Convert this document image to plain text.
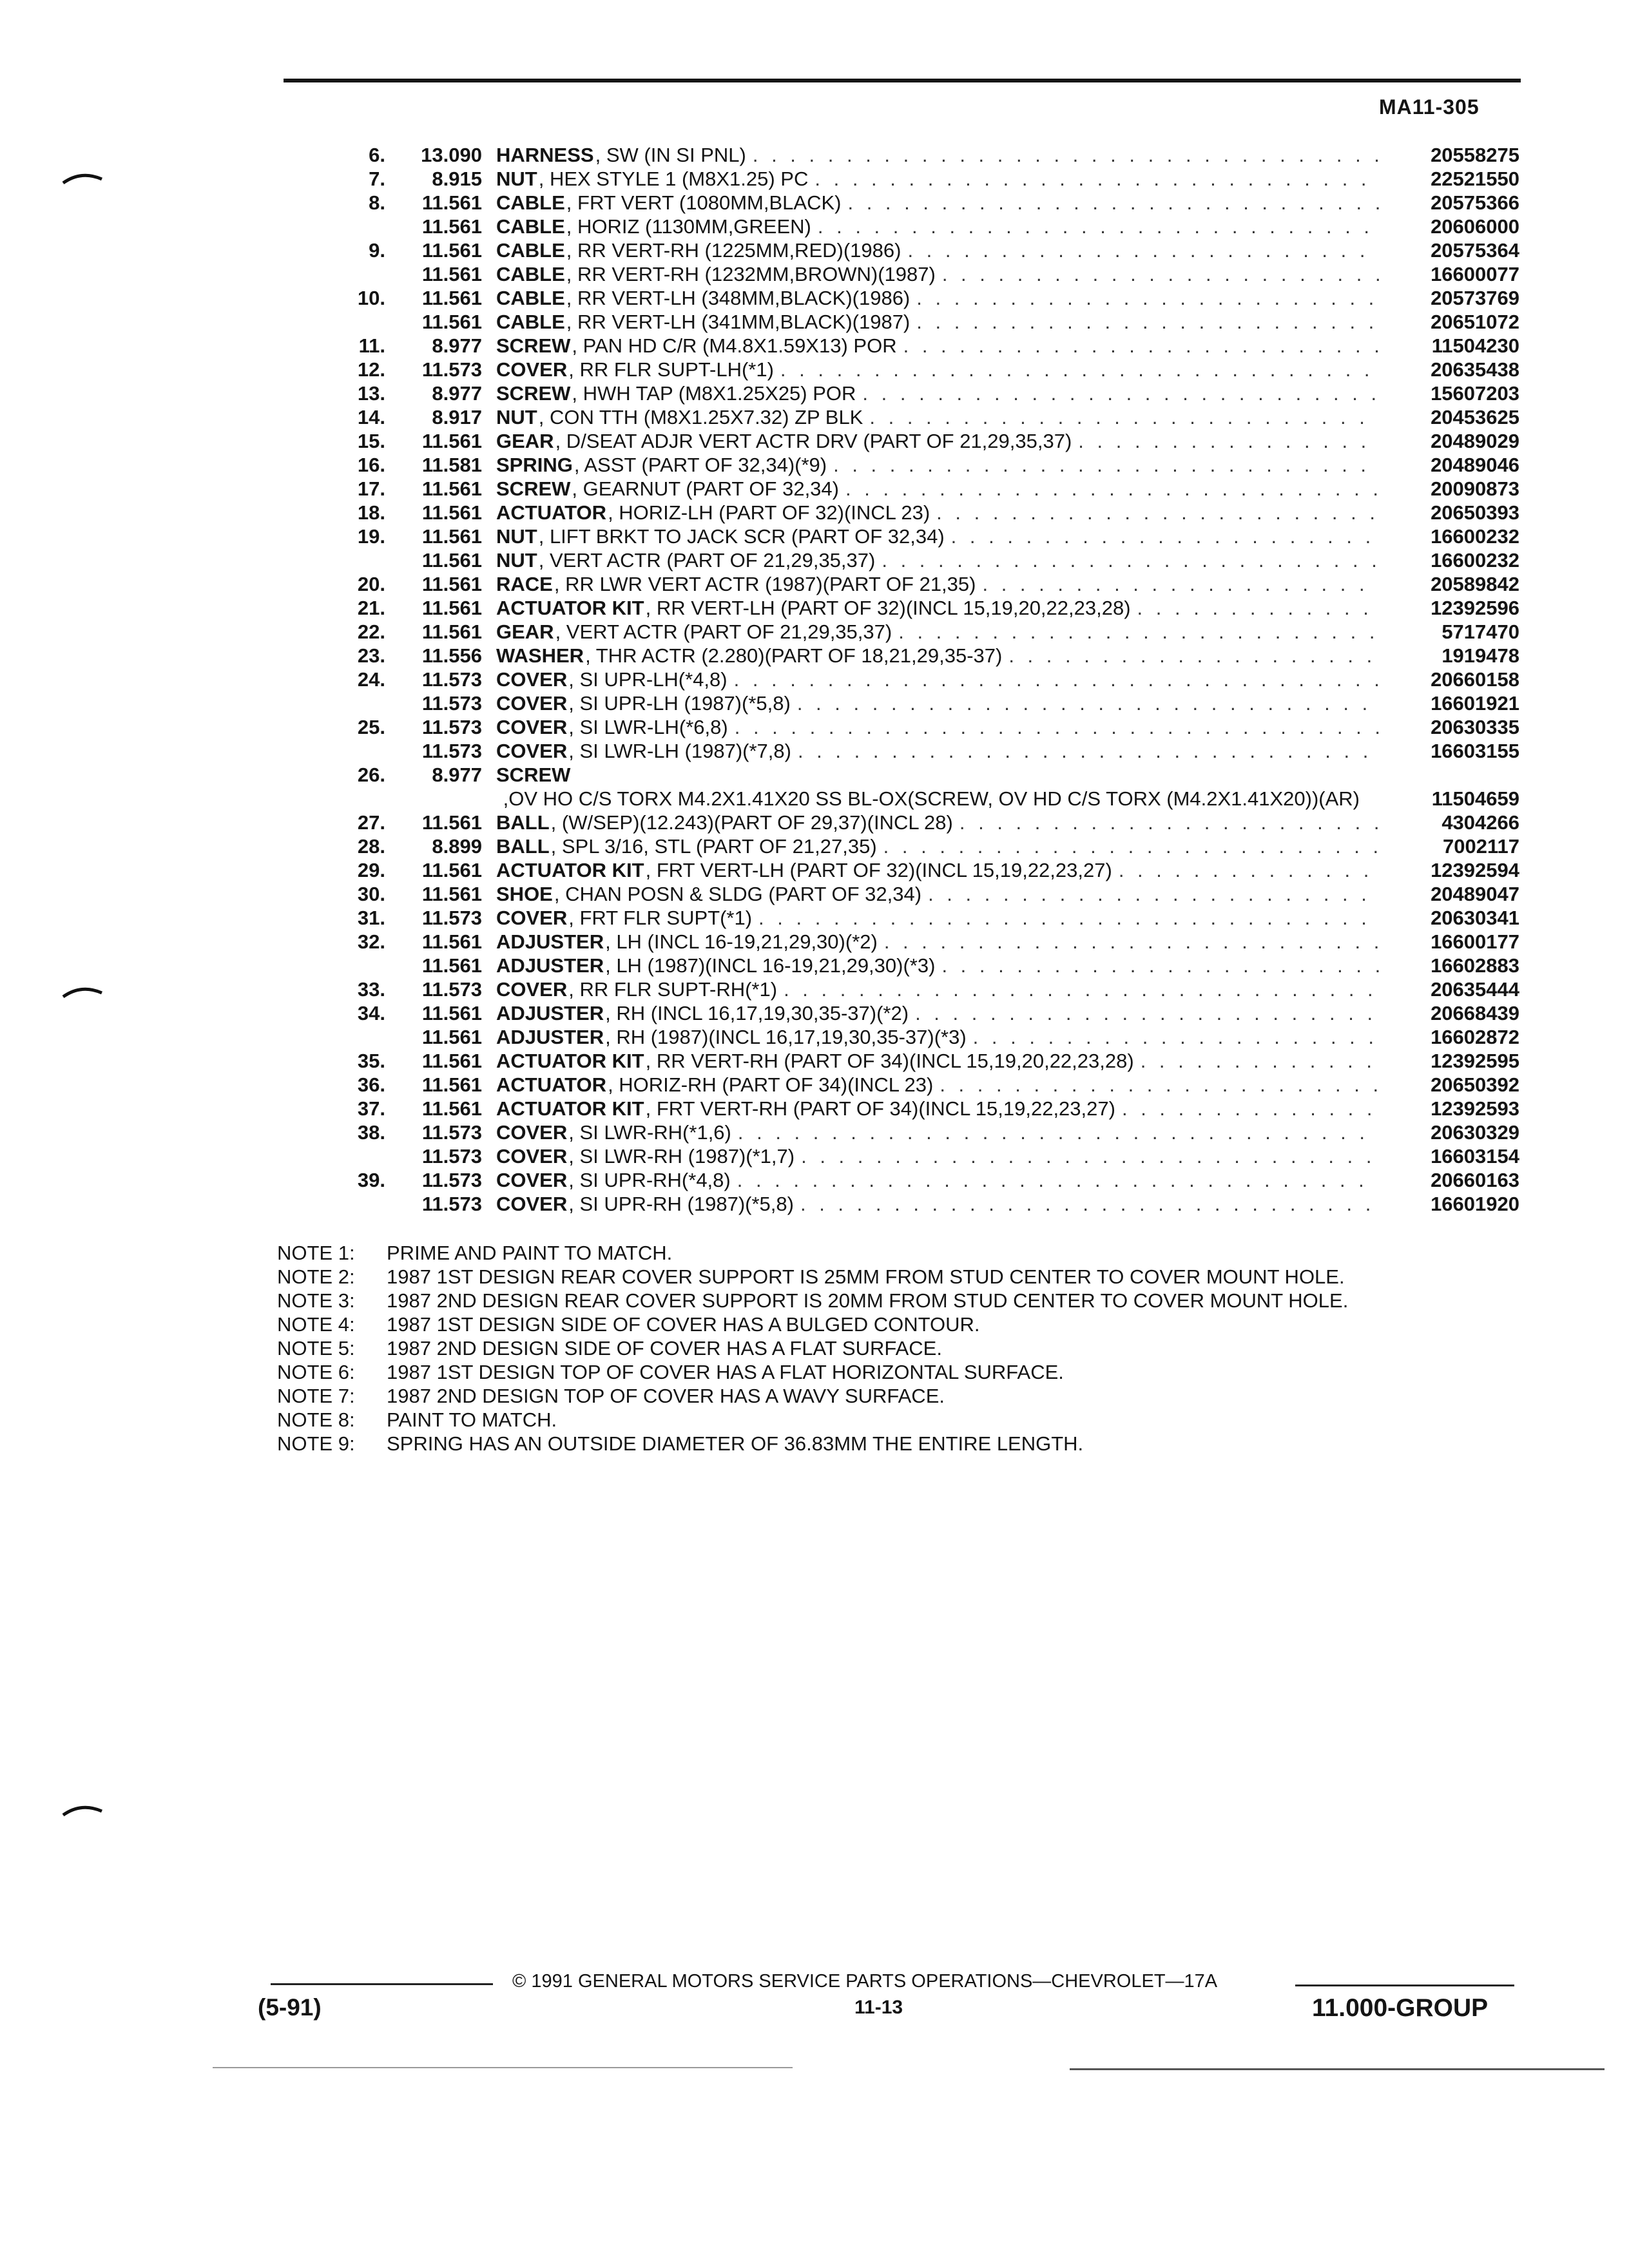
MA11-305
6. 13.090 HARNESS , SW (IN SI PNL) . . .	20558275
7. 8.915 NUT , HEX STYLE 1 (M8X1.25) PC . . .	22521550
8. 11.561 CABLE , FRT VERT (1080MM,BLACK) . . .	20575366
11.561 CABLE , HORIZ (1130MM,GREEN) . . .	20606000
9. 11.561 CABLE , RR VERT-RH (1225MM,RED)(1986) . . .	20575364
11.561 CABLE , RR VERT-RH (1232MM,BROWN)(1987) . . .	16600077
10. 11.561 CABLE , RR VERT-LH (348MM,BLACK)(1986) . . .	20573769
11.561 CABLE , RR VERT-LH (341MM,BLACK)(1987) . . .	20651072
11. 8.977 SCREW , PAN HD C/R (M4.8X1.59X13) POR . . .	11504230
12. 11.573 COVER , RR FLR SUPT-LH(*1) . . .	20635438
13. 8.977 SCREW , HWH TAP (M8X1.25X25) POR . . .	15607203
14. 8.917 NUT , CON TTH (M8X1.25X7.32) ZP BLK . . .	20453625
15. 11.561 GEAR , D/SEAT ADJR VERT ACTR DRV (PART OF 21,29,35,37) . . .	20489029
16. 11.581 SPRING , ASST (PART OF 32,34)(*9) . . .	20489046
17. 11.561 SCREW , GEARNUT (PART OF 32,34) . . .	20090873
18. 11.561 ACTUATOR , HORIZ-LH (PART OF 32)(INCL 23) . . .	20650393
19. 11.561 NUT , LIFT BRKT TO JACK SCR (PART OF 32,34) . . .	16600232
11.561 NUT , VERT ACTR (PART OF 21,29,35,37) . . .	16600232
20. 11.561 RACE , RR LWR VERT ACTR (1987)(PART OF 21,35) . . .	20589842
21. 11.561 ACTUATOR KIT , RR VERT-LH (PART OF 32)(INCL 15,19,20,22,23,28) . . .	12392596
22. 11.561 GEAR , VERT ACTR (PART OF 21,29,35,37) . . .	5717470
23. 11.556 WASHER , THR ACTR (2.280)(PART OF 18,21,29,35-37) . . .	1919478
24. 11.573 COVER , SI UPR-LH(*4,8) . . .	20660158
11.573 COVER , SI UPR-LH (1987)(*5,8) . . .	16601921
25. 11.573 COVER , SI LWR-LH(*6,8) . . .	20630335
11.573 COVER , SI LWR-LH (1987)(*7,8) . . .	16603155
26. 8.977 SCREW ,OV HO C/S TORX M4.2X1.41X20 SS BL-OX(SCREW, OV HD C/S TORX (M4.2X1.41X20))(AR)	11504659
27. 11.561 BALL , (W/SEP)(12.243)(PART OF 29,37)(INCL 28) . . .	4304266
28. 8.899 BALL , SPL 3/16, STL (PART OF 21,27,35) . . .	7002117
29. 11.561 ACTUATOR KIT , FRT VERT-LH (PART OF 32)(INCL 15,19,22,23,27) . . .	12392594
30. 11.561 SHOE , CHAN POSN & SLDG (PART OF 32,34) . . .	20489047
31. 11.573 COVER , FRT FLR SUPT(*1) . . .	20630341
32. 11.561 ADJUSTER , LH (INCL 16-19,21,29,30)(*2) . . .	16600177
11.561 ADJUSTER , LH (1987)(INCL 16-19,21,29,30)(*3) . . .	16602883
33. 11.573 COVER , RR FLR SUPT-RH(*1) . . .	20635444
34. 11.561 ADJUSTER , RH (INCL 16,17,19,30,35-37)(*2) . . .	20668439
11.561 ADJUSTER , RH (1987)(INCL 16,17,19,30,35-37)(*3) . . .	16602872
35. 11.561 ACTUATOR KIT , RR VERT-RH (PART OF 34)(INCL 15,19,20,22,23,28) . . .	12392595
36. 11.561 ACTUATOR , HORIZ-RH (PART OF 34)(INCL 23) . . .	20650392
37. 11.561 ACTUATOR KIT , FRT VERT-RH (PART OF 34)(INCL 15,19,22,23,27) . . .	12392593
38. 11.573 COVER , SI LWR-RH(*1,6) . . .	20630329
11.573 COVER , SI LWR-RH (1987)(*1,7) . . .	16603154
39. 11.573 COVER , SI UPR-RH(*4,8) . . .	20660163
11.573 COVER , SI UPR-RH (1987)(*5,8) . . .	16601920
NOTE 1: PRIME AND PAINT TO MATCH.
NOTE 2: 1987 1ST DESIGN REAR COVER SUPPORT IS 25MM FROM STUD CENTER TO COVER MOUNT HOLE.
NOTE 3: 1987 2ND DESIGN REAR COVER SUPPORT IS 20MM FROM STUD CENTER TO COVER MOUNT HOLE.
NOTE 4: 1987 1ST DESIGN SIDE OF COVER HAS A BULGED CONTOUR.
NOTE 5: 1987 2ND DESIGN SIDE OF COVER HAS A FLAT SURFACE.
NOTE 6: 1987 1ST DESIGN TOP OF COVER HAS A FLAT HORIZONTAL SURFACE.
NOTE 7: 1987 2ND DESIGN TOP OF COVER HAS A WAVY SURFACE.
NOTE 8: PAINT TO MATCH.
NOTE 9: SPRING HAS AN OUTSIDE DIAMETER OF 36.83MM THE ENTIRE LENGTH.
© 1991 GENERAL MOTORS SERVICE PARTS OPERATIONS—CHEVROLET—17A
(5-91)	11-13	11.000-GROUP
